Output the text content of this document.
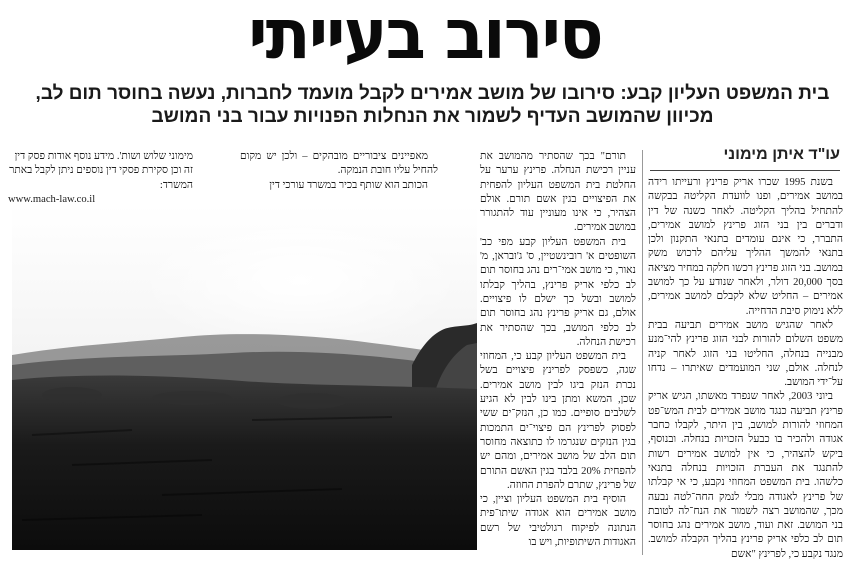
סירוב בעייתי
בית המשפט העליון קבע: סירובו של מושב אמירים לקבל מועמד לחברות, נעשה בחוסר תום לב, מכיוון שהמושב העדיף לשמור את הנחלות הפנויות עבור בני המושב
עו"ד איתן מימוני

בשנת 1995 שכרו אריק פרינץ ורעייתו רידה במושב אמירים, ופנו לוועדת הקליטה בבקשה להתחיל בהליך הקליטה. לאחר כשנה של דין ודברים בין בני הזוג פרינץ למושב אמירים, התברר, כי אינם עומדים בתנאי התקנון ולכן בתנאי להמשך ההליך עליהם לרכוש משק במושב. בני הזוג פרינץ רכשו חלקה במחיר מציאה בסך 20,000 דולר, ולאחר שנודע על כך למושב אמירים – החליט שלא לקבלם למושב אמירים, ללא נימוק סיבת הדחייה.

לאחר שהגיש מושב אמירים תביעה בבית משפט השלום להורות לבני הזוג פרינץ להי־מנע מבנייה בנחלה, החליטו בני הזוג לאחר קניה לנחלה. אולם, שני המועמדים שאיתרו – נדחו על־ידי המושב.

ביוני 2003, לאחר שנפרד מאשתו, הגיש אריק פרינץ תביעה כנגד מושב אמירים לבית המש־פט המחוזי להורות למושב, בין היתר, לקבלו כחבר אגודה ולהכיר בו כבעל הזכויות בנחלה. ובנוסף, ביקש להצהיר, כי אין למושב אמירים רשות להתנגד את העברת הזכויות בנחלה בתנאי כלשהו. בית המשפט המחוזי נקבע, כי אי קבלתו של פרינץ לאגודה מבלי לנמק החה־לטה נבעה מכך, שהמושב רצה לשמור את הנח־לה לטובת בני המושב. זאת ועוד, מושב אמירים נהג בחוסר תום לב כלפי אריק פרינץ בהליך הקבלה למושב. מנגד נקבע כי, לפרינץ "אשם

תורם" בכך שהסתיר מהמושב את עניין רכישת הנחלה. פרינץ ערער על החלטת בית המשפט העליון להפחית את הפיצויים בגין אשם תורם. אולם הצהיר, כי אינו מעוניין עוד להתגורר במושב אמירים.

בית המשפט העליון קבע מפי כב' השופטים א' רובינשטיין, ס' ג'ובראן, מ' נאור, כי מושב אמי־רים נהג בחוסר תום לב כלפי אריק פרינץ, בהליך קבלתו למושב ובשל כך ישלם לו פיצויים. אולם, גם אריק פרינץ נהג בחוסר תום לב כלפי המושב, בכך שהסתיר את רכישת הנחלה.

בית המשפט העליון קבע כי, המחוזי שגה, כשפסק לפרינץ פיצויים בשל נכרת הנזק ביגו לבין מושב אמירים. שכן, המשא ומתן בינו לבין לא הגיע לשלבים סופיים. כמו כן, הנזק־ים ששי לפסוק לפרינץ הם פיצוי־ים התמכות בגין הנזקים שנגרמו לו כתוצאה מחוסר תום הלב של מושב אמירים, ומהם יש להפחית 20% בלבד בגין האשם התורם של פרינץ, שתרם להפרת החוזה.

הוסיף בית המשפט העליון וציין, כי מושב אמירים הוא אגודה שיתו־פית הנתונה לפיקוח רגולטיבי של רשם האגודות השיתופיות, ויש בו

מאפיינים ציבוריים מובהקים – ולכן יש מקום להחיל עליו חובת הנמקה.

הכותב הוא שותף בכיר במשרד עורכי דין

מימוני שלוש ושות'. מידע נוסף אודות פסק דין זה וכן סקירת פסקי דין נוספים ניתן לקבל באתר המשרד:
www.mach-law.co.il
